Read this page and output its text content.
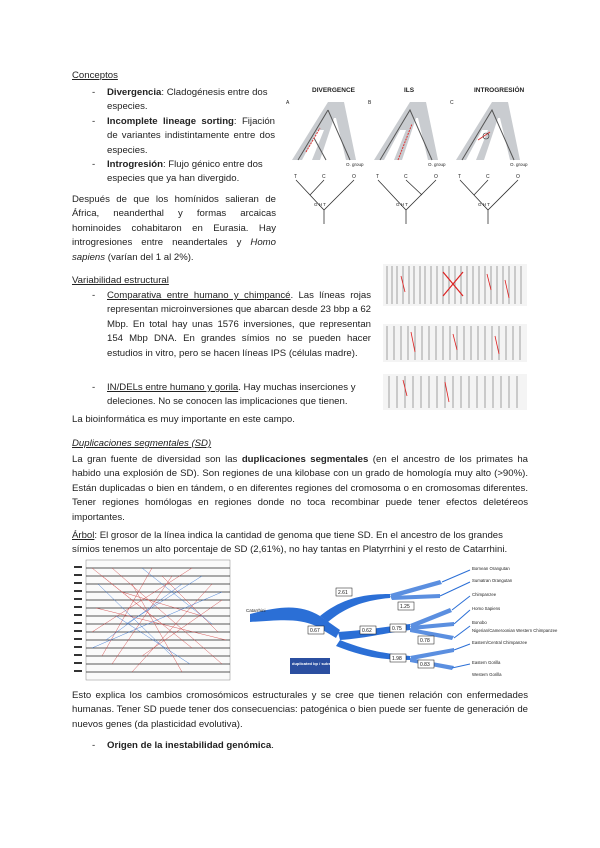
Conceptos
- Divergencia: Cladogénesis entre dos especies.
- Incomplete lineage sorting: Fijación de variantes indistintamente entre dos especies.
- Introgresión: Flujo génico entre dos especies que ya han divergido.
Después de que los homínidos salieran de África, neanderthal y formas arcaicas hominoides cohabitaron en Eurasia. Hay introgresiones entre neandertales y Homo sapiens (varían del 1 al 2%).
DIVERGENCE	ILS	INTROGRESIÓN
A	B	C
O. group
T	C	O
G H T
O. group
T	C	O
G H T
O. group
T	C	O
G H T
Variabilidad estructural
- Comparativa entre humano y chimpancé. Las líneas rojas representan microinversiones que abarcan desde 23 bbp a 62 Mbp. En total hay unas 1576 inversiones, que representan 154 Mbp DNA. En grandes símios no se pueden hacer estudios in vitro, pero se hacen líneas IPS (células madre).
- IN/DELs entre humano y gorila. Hay muchas inserciones y deleciones. No se conocen las implicaciones que tienen.
La bioinformática es muy importante en este campo.
Duplicaciones segmentales (SD)
La gran fuente de diversidad son las duplicaciones segmentales (en el ancestro de los primates ha habido una explosión de SD). Son regiones de una kilobase con un grado de homología muy alto (>90%). Están duplicadas o bien en tándem, o en diferentes regiones del cromosoma o en cromosomas diferentes. Tener regiones homólogas en regiones donde no toca recombinar puede tener efectos deletéreos importantes.
Árbol: El grosor de la línea indica la cantidad de genoma que tiene SD. En el ancestro de los grandes símios tenemos un alto porcentaje de SD (2,61%), no hay tantas en Platyrrhini y el resto de Catarrhini.
2.61
0.67	0.62
1.25
0.75
0.78
1.98
0.83
Bornean Orangutan
Sumatran Orangutan
Chimpanzee
Homo Sapiens
Bonobo
Nigerian/Cameroonian Western Chimpanzee
Eastern/Central Chimpanzee
Eastern Gorilla
Western Gorilla
Catarrhini
duplicated bp / substituted bp
Esto explica los cambios cromosómicos estructurales y se cree que tienen relación con enfermedades humanas. Tener SD puede tener dos consecuencias: patogénica o bien puede ser fuente de generación de nuevos genes (da plasticidad evolutiva).
- Origen de la inestabilidad genómica.
